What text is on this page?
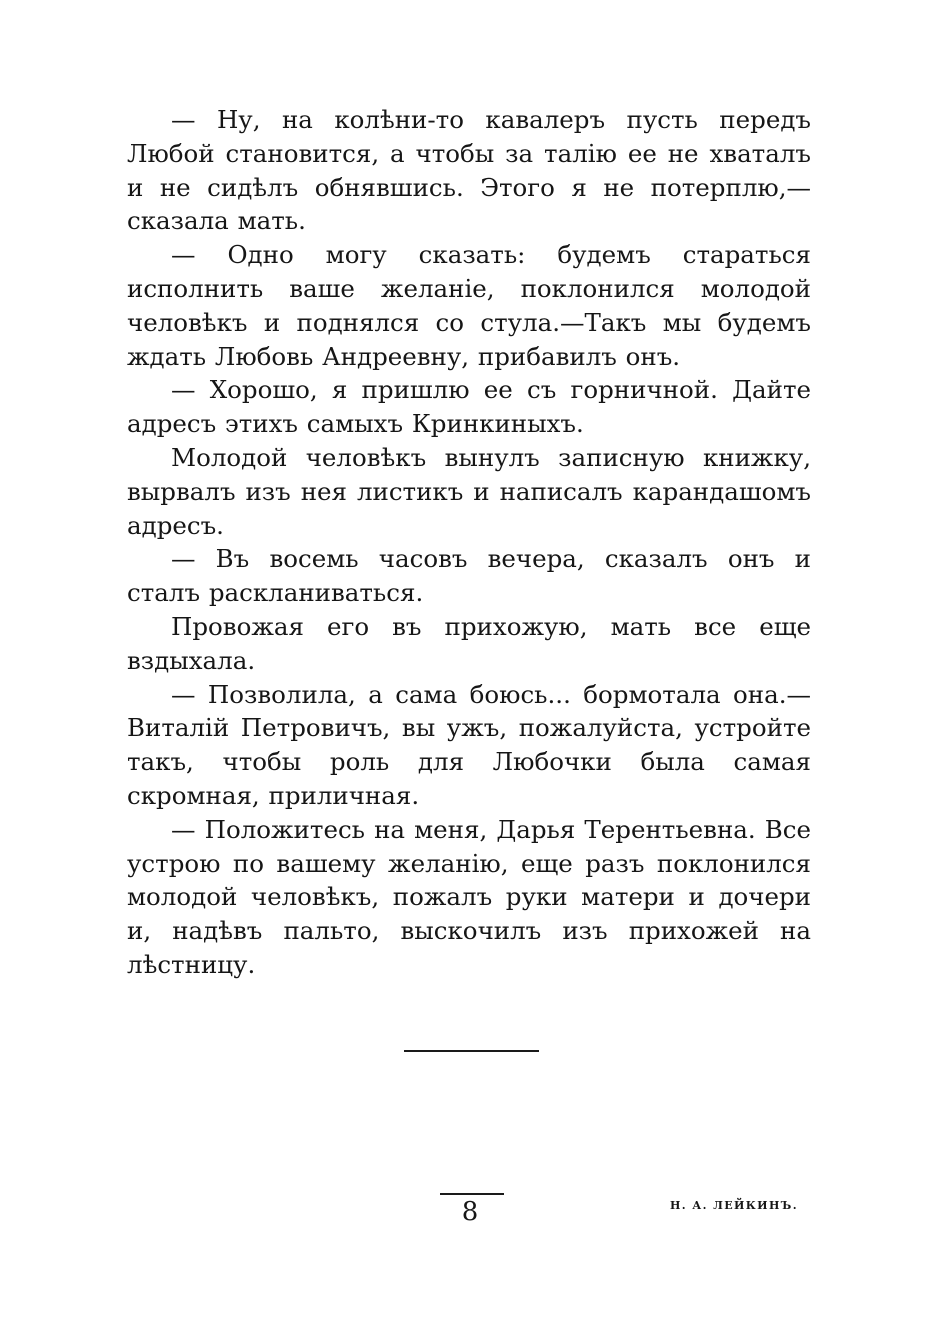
— Ну, на колѣни-то кавалеръ пусть передъ Любой становится, а чтобы за талію ее не хваталъ и не сидѣлъ обнявшись. Этого я не потерплю,—сказала мать.

— Одно могу сказать: будемъ стараться исполнить ваше желаніе, поклонился молодой человѣкъ и поднялся со стула.—Такъ мы будемъ ждать Любовь Андреевну, прибавилъ онъ.

— Хорошо, я пришлю ее съ горничной. Дайте адресъ этихъ самыхъ Кринкиныхъ.

Молодой человѣкъ вынулъ записную книжку, вырвалъ изъ нея листикъ и написалъ карандашомъ адресъ.

— Въ восемь часовъ вечера, сказалъ онъ и сталъ раскланиваться.

Провожая его въ прихожую, мать все еще вздыхала.

— Позволила, а сама боюсь... бормотала она.— Виталій Петровичъ, вы ужъ, пожалуйста, устройте такъ, чтобы роль для Любочки была самая скромная, приличная.

— Положитесь на меня, Дарья Терентьевна. Все устрою по вашему желанію, еще разъ поклонился молодой человѣкъ, пожалъ руки матери и дочери и, надѣвъ пальто, выскочилъ изъ прихожей на лѣстницу.

8	Н. А. ЛЕЙКИНЪ.
